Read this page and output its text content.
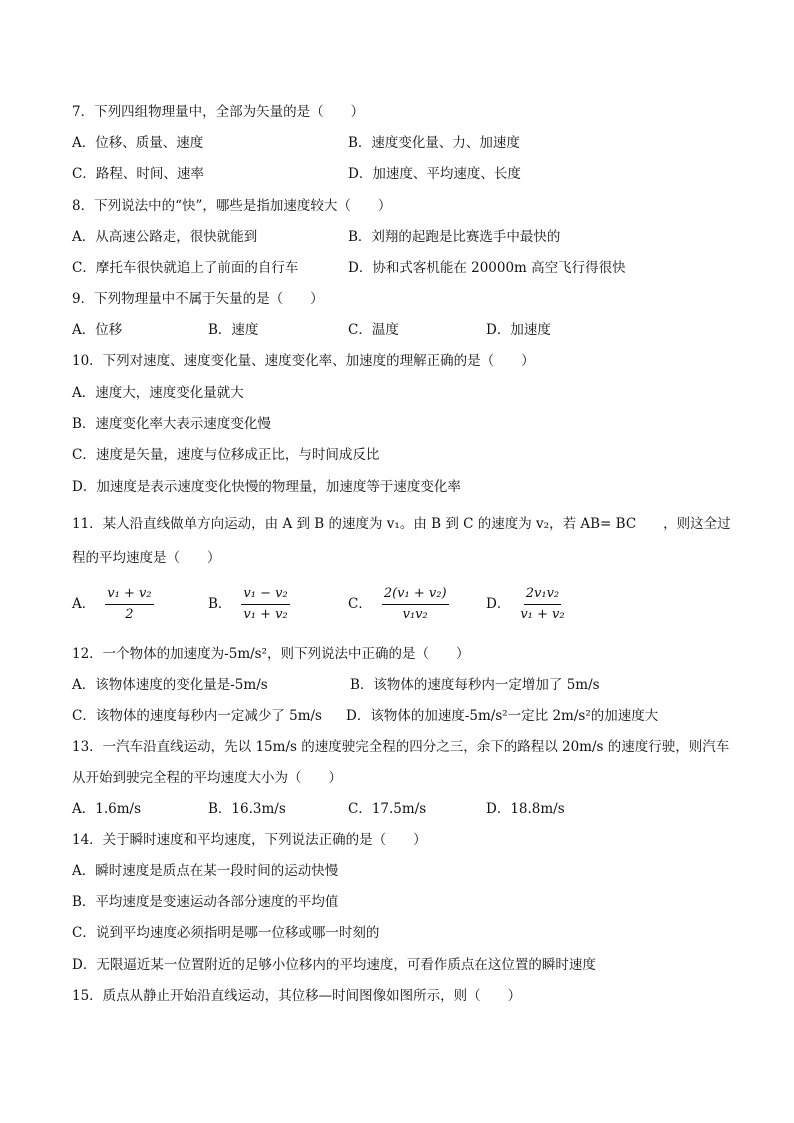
7．下列四组物理量中，全部为矢量的是（　　）
A．位移、质量、速度	B．速度变化量、力、加速度
C．路程、时间、速率	D．加速度、平均速度、长度
8．下列说法中的“快”，哪些是指加速度较大（　　）
A．从高速公路走，很快就能到	B．刘翔的起跑是比赛选手中最快的
C．摩托车很快就追上了前面的自行车	D．协和式客机能在 20000m 高空飞行得很快
9．下列物理量中不属于矢量的是（　　）
A．位移	B．速度	C．温度	D．加速度
10．下列对速度、速度变化量、速度变化率、加速度的理解正确的是（　　）
A．速度大，速度变化量就大
B．速度变化率大表示速度变化慢
C．速度是矢量，速度与位移成正比，与时间成反比
D．加速度是表示速度变化快慢的物理量，加速度等于速度变化率
11．某人沿直线做单方向运动，由 A 到 B 的速度为 v₁。由 B 到 C 的速度为 v₂，若 AB= BC　　，则这全过
程的平均速度是（　　）
A． $\frac{\text{v₁ + v₂}}{2}$	B． $\frac{\text{v₁ − v₂}}{\text{v₁ + v₂}}$	C． $\frac{\text{2(v₁ + v₂)}}{\text{v₁v₂}}$	D． $\frac{\text{2v₁v₂}}{\text{v₁ + v₂}}$
12．一个物体的加速度为-5m/s²，则下列说法中正确的是（　　）
A．该物体速度的变化量是-5m/s	B．该物体的速度每秒内一定增加了 5m/s
C．该物体的速度每秒内一定减少了 5m/s D．该物体的加速度-5m/s²一定比 2m/s²的加速度大
13．一汽车沿直线运动，先以 15m/s 的速度驶完全程的四分之三，余下的路程以 20m/s 的速度行驶，则汽车
从开始到驶完全程的平均速度大小为（　　）
A．1.6m/s	B．16.3m/s	C．17.5m/s	D．18.8m/s
14．关于瞬时速度和平均速度，下列说法正确的是（　　）
A．瞬时速度是质点在某一段时间的运动快慢
B．平均速度是变速运动各部分速度的平均值
C．说到平均速度必须指明是哪一位移或哪一时刻的
D．无限逼近某一位置附近的足够小位移内的平均速度，可看作质点在这位置的瞬时速度
15．质点从静止开始沿直线运动，其位移—时间图像如图所示，则（　　）
